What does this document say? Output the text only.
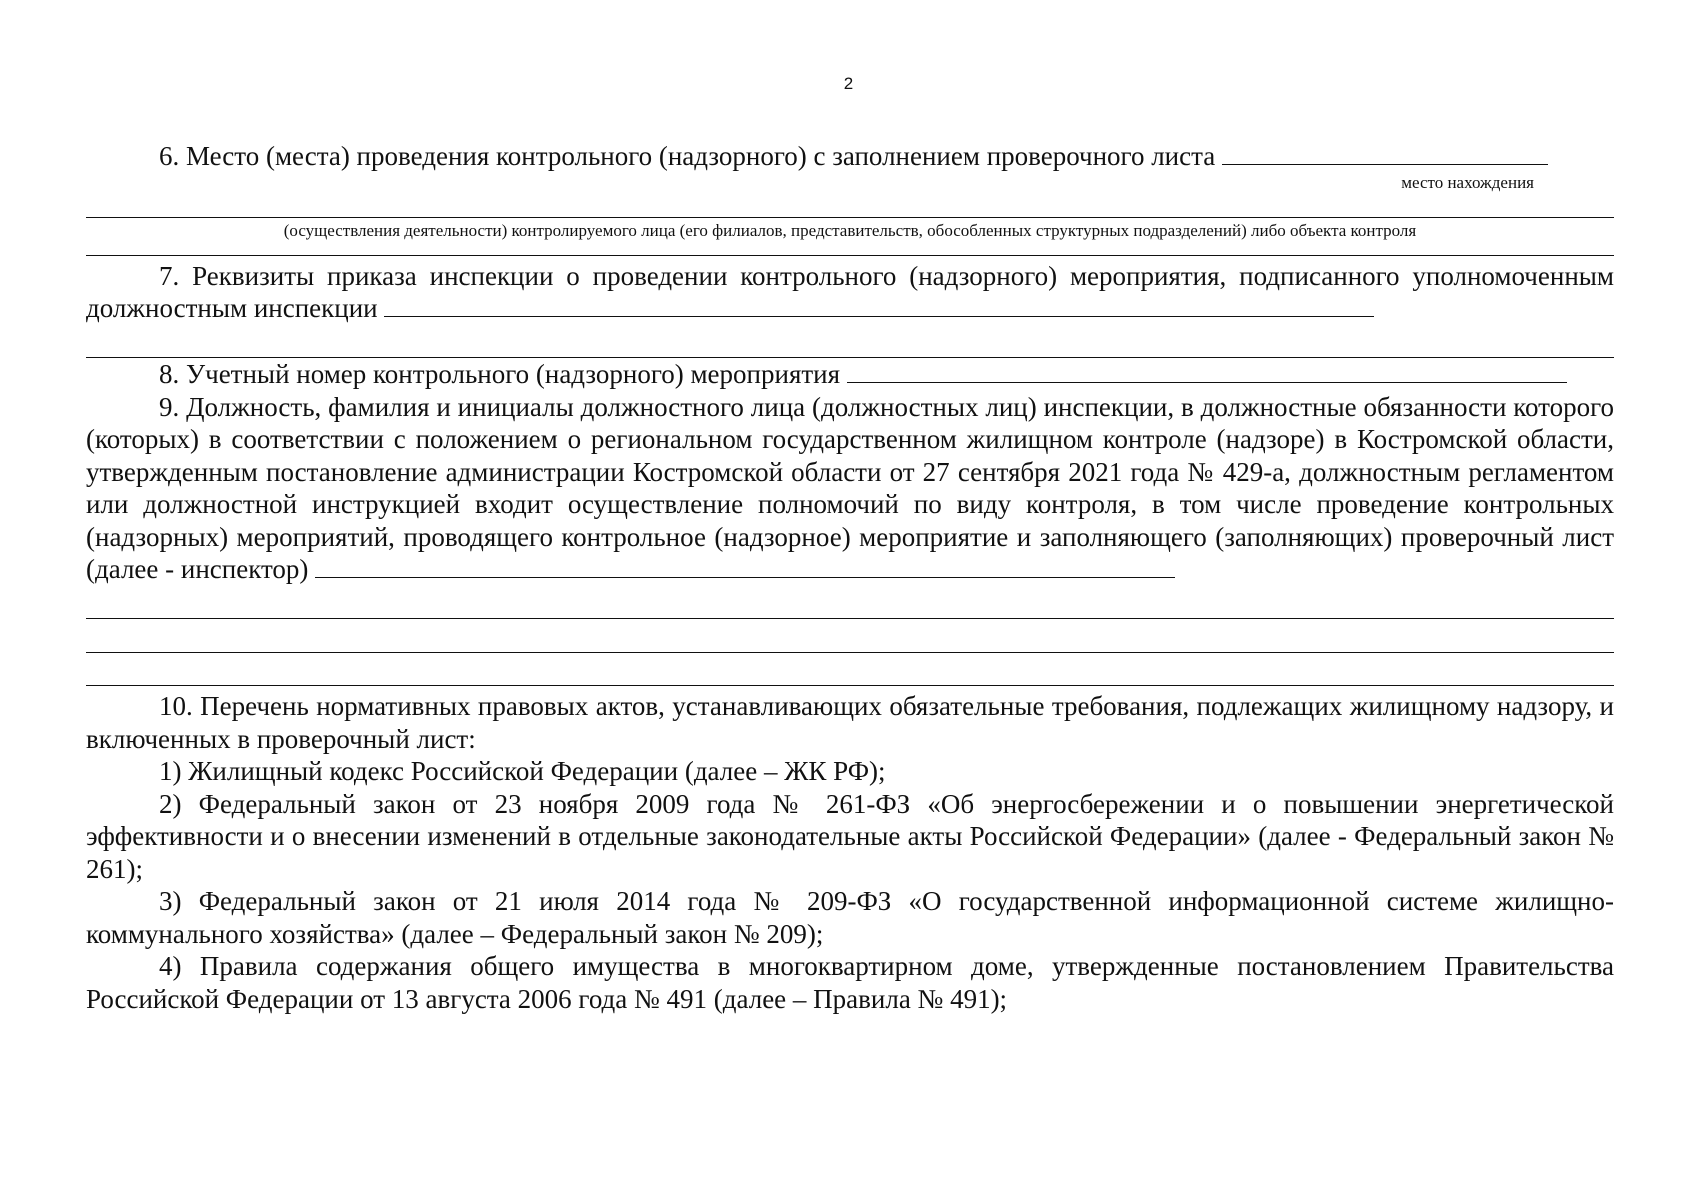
2

6. Место (места) проведения контрольного (надзорного) с заполнением проверочного листа

место нахождения
(осуществления деятельности) контролируемого лица (его филиалов, представительств, обособленных структурных подразделений) либо объекта контроля

7. Реквизиты приказа инспекции о проведении контрольного (надзорного) мероприятия, подписанного уполномоченным должностным инспекции

8. Учетный номер контрольного (надзорного) мероприятия

9. Должность, фамилия и инициалы должностного лица (должностных лиц) инспекции, в должностные обязанности которого (которых) в соответствии с положением о региональном государственном жилищном контроле (надзоре) в Костромской области, утвержденным постановление администрации Костромской области от 27 сентября 2021 года № 429-а, должностным регламентом или должностной инструкцией входит осуществление полномочий по виду контроля, в том числе проведение контрольных (надзорных) мероприятий, проводящего контрольное (надзорное) мероприятие и заполняющего (заполняющих) проверочный лист (далее - инспектор)

10. Перечень нормативных правовых актов, устанавливающих обязательные требования, подлежащих жилищному надзору, и включенных в проверочный лист:

1) Жилищный кодекс Российской Федерации (далее – ЖК РФ);

2) Федеральный закон от 23 ноября 2009 года № 261-ФЗ «Об энергосбережении и о повышении энергетической эффективности и о внесении изменений в отдельные законодательные акты Российской Федерации» (далее - Федеральный закон № 261);

3) Федеральный закон от 21 июля 2014 года № 209-ФЗ «О государственной информационной системе жилищно-коммунального хозяйства» (далее – Федеральный закон № 209);

4) Правила содержания общего имущества в многоквартирном доме, утвержденные постановлением Правительства Российской Федерации от 13 августа 2006 года № 491 (далее – Правила № 491);
